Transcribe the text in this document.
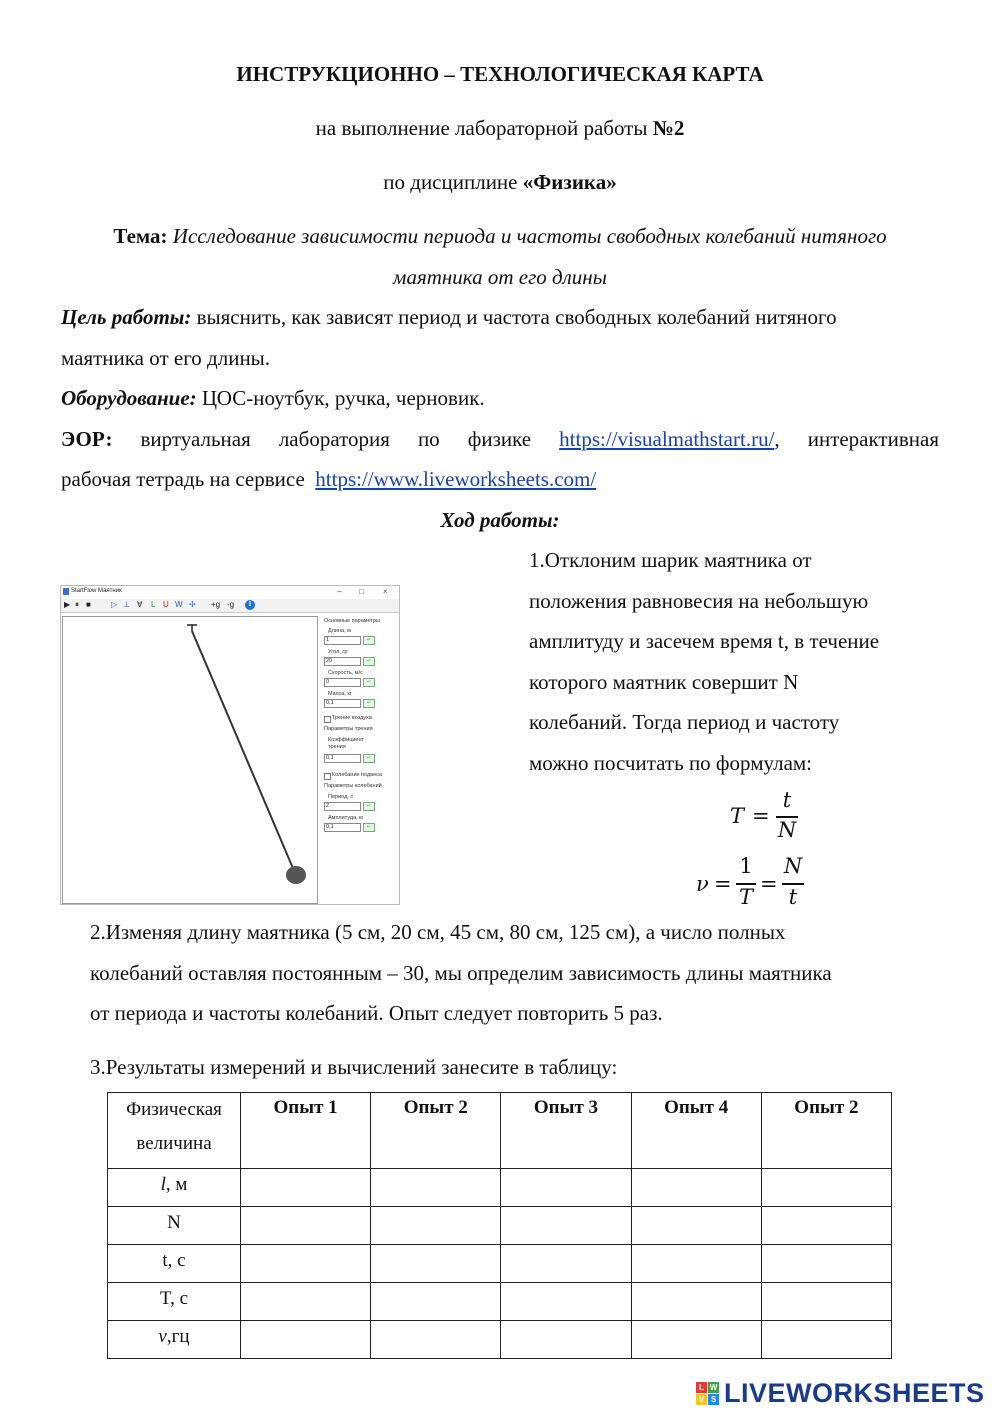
ИНСТРУКЦИОННО – ТЕХНОЛОГИЧЕСКАЯ КАРТА
на выполнение лабораторной работы №2
по дисциплине «Физика»
Тема: Исследование зависимости периода и частоты свободных колебаний нитяного
маятника от его длины
Цель работы: выяснить, как зависят период и частота свободных колебаний нитяного
маятника от его длины.
Оборудование: ЦОС-ноутбук, ручка, черновик.
ЭОР: виртуальная лаборатория по физике https://visualmathstart.ru/, интерактивная
рабочая тетрадь на сервисе  https://www.liveworksheets.com/
Ход работы:
1.Отклоним шарик маятника от
положения равновесия на небольшую
амплитуду и засечем время t, в течение
которого маятник совершит N
колебаний. Тогда период и частоту
можно посчитать по формулам:
T =
t
N
ν =
1
T
=
N
t
StartFlow Маятник	– □ ×
▶ ⏸ ■	▷ ⊥ ∀ L U W ✢ +g -g	ℹ
Основные параметры
Длина, м
1	↵
Угол, гр
20	↵
Скорость, м/с
0	↵
Масса, кг
0,1	↵
Трение воздуха
Параметры трения
Коэффициент
трения
0,1	↵
Колебание подвеса
Параметры колебаний
Период, с
2	↵
Амплитуда, м
0,1	↵
2.Изменяя длину маятника (5 см, 20 см, 45 см, 80 см, 125 см), а число полных
колебаний оставляя постоянным – 30, мы определим зависимость длины маятника
от периода и частоты колебаний. Опыт следует повторить 5 раз.
3.Результаты измерений и вычислений занесите в таблицу:
Физическая
величина	Опыт 1	Опыт 2	Опыт 3	Опыт 4	Опыт 2
l, м					
N					
t, с					
T, с					
ν,гц					
L W
V S LIVEWORKSHEETS
